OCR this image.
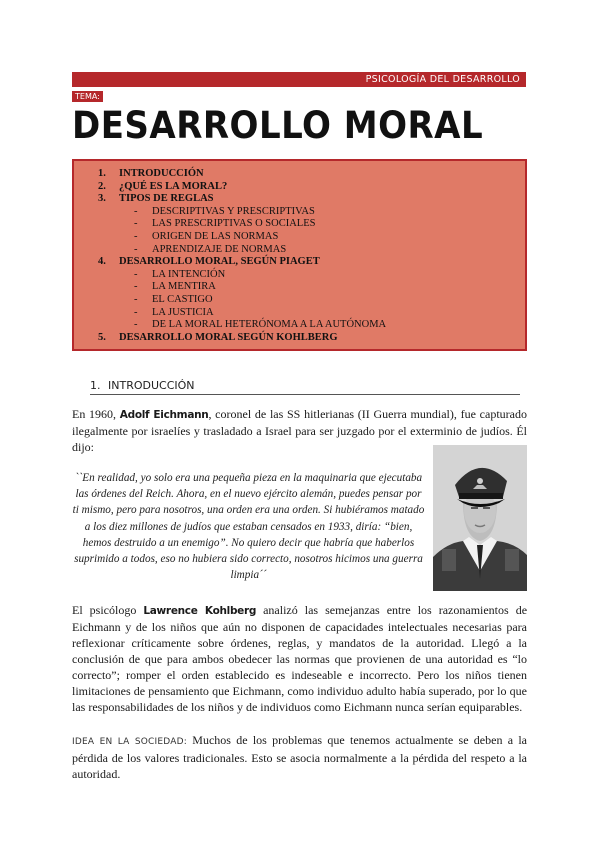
PSICOLOGÍA DEL DESARROLLO
TEMA:
DESARROLLO MORAL
1. INTRODUCCIÓN
2. ¿QUÉ ES LA MORAL?
3. TIPOS DE REGLAS
- DESCRIPTIVAS Y PRESCRIPTIVAS
- LAS PRESCRIPTIVAS O SOCIALES
- ORIGEN DE LAS NORMAS
- APRENDIZAJE DE NORMAS
4. DESARROLLO MORAL, SEGÚN PIAGET
- LA INTENCIÓN
- LA MENTIRA
- EL CASTIGO
- LA JUSTICIA
- DE LA MORAL HETERÓNOMA A LA AUTÓNOMA
5. DESARROLLO MORAL SEGÚN KOHLBERG
1. INTRODUCCIÓN

En 1960, Adolf Eichmann, coronel de las SS hitlerianas (II Guerra mundial), fue capturado ilegalmente por israelíes y trasladado a Israel para ser juzgado por el exterminio de judíos. Él dijo:

``En realidad, yo solo era una pequeña pieza en la maquinaria que ejecutaba las órdenes del Reich. Ahora, en el nuevo ejército alemán, puedes pensar por ti mismo, pero para nosotros, una orden era una orden. Si hubiéramos matado a los diez millones de judíos que estaban censados en 1933, diría: “bien, hemos destruido a un enemigo”. No quiero decir que habría que haberlos suprimido a todos, eso no hubiera sido correcto, nosotros hicimos una guerra limpia´´

El psicólogo Lawrence Kohlberg analizó las semejanzas entre los razonamientos de Eichmann y de los niños que aún no disponen de capacidades intelectuales necesarias para reflexionar críticamente sobre órdenes, reglas, y mandatos de la autoridad. Llegó a la conclusión de que para ambos obedecer las normas que provienen de una autoridad es “lo correcto”; romper el orden establecido es indeseable e incorrecto. Pero los niños tienen limitaciones de pensamiento que Eichmann, como individuo adulto había superado, por lo que las responsabilidades de los niños y de individuos como Eichmann nunca serían equiparables.

IDEA EN LA SOCIEDAD: Muchos de los problemas que tenemos actualmente se deben a la pérdida de los valores tradicionales. Esto se asocia normalmente a la pérdida del respeto a la autoridad.
